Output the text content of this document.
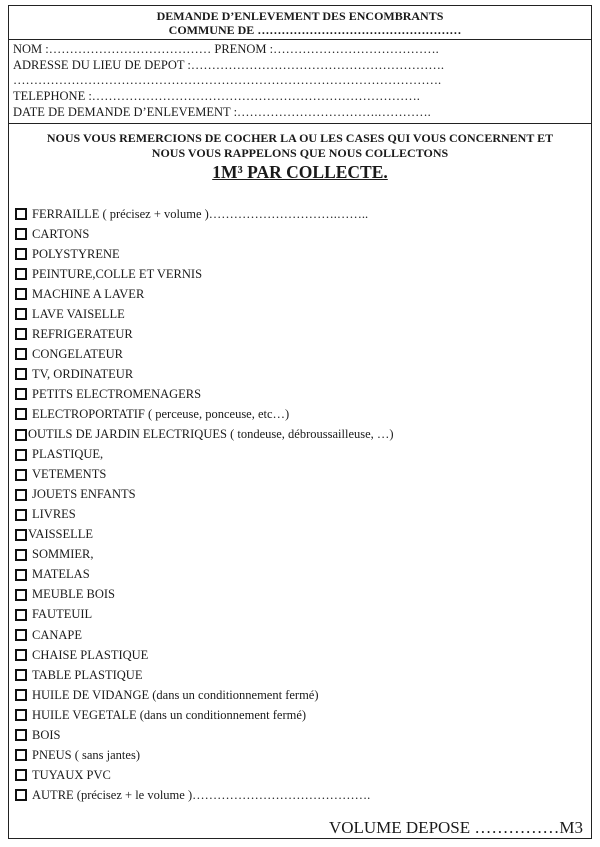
DEMANDE D’ENLEVEMENT DES ENCOMBRANTS
COMMUNE DE ……………………………………………
NOM :………………………………… PRENOM :………………………………….
ADRESSE DU LIEU DE DEPOT :…………………………………………………….
………………………………………………………………………………………….
TELEPHONE :…………………………………………………………………….
DATE DE DEMANDE D’ENLEVEMENT :…………………………….………….
NOUS VOUS REMERCIONS DE COCHER LA OU LES CASES QUI VOUS CONCERNENT ET
NOUS VOUS RAPPELONS QUE NOUS COLLECTONS
1M³ PAR COLLECTE.
FERRAILLE ( précisez + volume )………………………….……..
CARTONS
POLYSTYRENE
PEINTURE,COLLE ET VERNIS
MACHINE A LAVER
LAVE VAISELLE
REFRIGERATEUR
CONGELATEUR
TV, ORDINATEUR
PETITS ELECTROMENAGERS
ELECTROPORTATIF ( perceuse, ponceuse, etc…)
OUTILS DE JARDIN ELECTRIQUES ( tondeuse, débroussailleuse, …)
PLASTIQUE,
VETEMENTS
JOUETS ENFANTS
LIVRES
VAISSELLE
SOMMIER,
MATELAS
MEUBLE BOIS
FAUTEUIL
CANAPE
CHAISE PLASTIQUE
TABLE PLASTIQUE
HUILE DE VIDANGE (dans un conditionnement fermé)
HUILE VEGETALE (dans un conditionnement fermé)
BOIS
PNEUS ( sans jantes)
TUYAUX PVC
AUTRE (précisez + le volume )…………………………………….
VOLUME DEPOSE ……………M3
